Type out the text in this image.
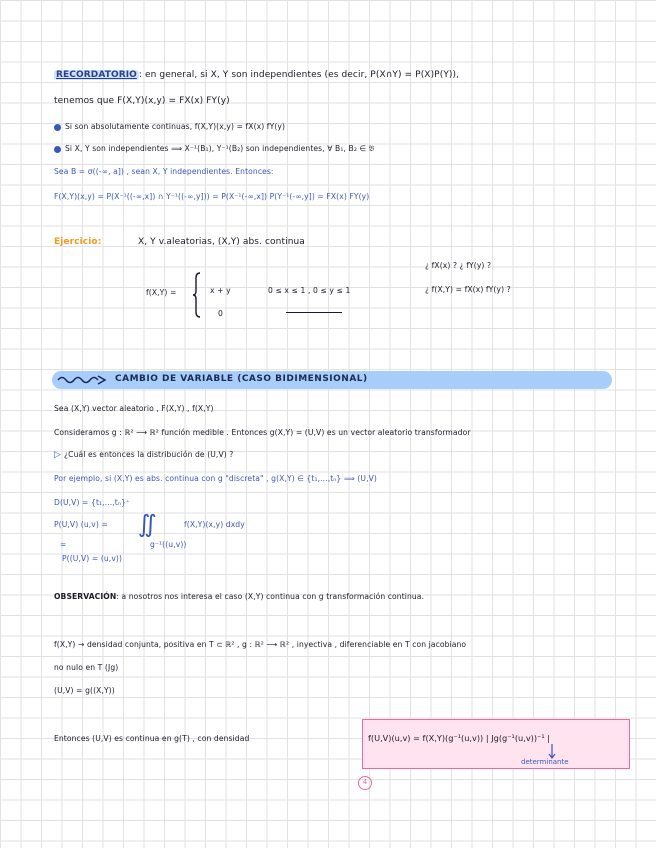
RECORDATORIO : en general, si X, Y son independientes (es decir, P(X∩Y) = P(X)P(Y)),
tenemos que F(X,Y)(x,y) = FX(x) FY(y)
Si son absolutamente continuas, f(X,Y)(x,y) = fX(x) fY(y)
Si X, Y son independientes ⟹ X⁻¹(B₁), Y⁻¹(B₂) son independientes, ∀ B₁, B₂ ∈ 𝔅
Sea B = σ((-∞, a]) , sean X, Y independientes. Entonces:
F(X,Y)(x,y) = P(X⁻¹((-∞,x]) ∩ Y⁻¹((-∞,y])) = P(X⁻¹(-∞,x]) P(Y⁻¹(-∞,y]) = FX(x) FY(y)
Ejercicio:	X, Y v.aleatorias, (X,Y) abs. continua
¿ fX(x) ? ¿ fY(y) ?
¿ f(X,Y) = fX(x) fY(y) ?
f(X,Y) =	x + y	0 ≤ x ≤ 1 , 0 ≤ y ≤ 1
0
CAMBIO DE VARIABLE (CASO BIDIMENSIONAL)
Sea (X,Y) vector aleatorio , F(X,Y) , f(X,Y)
Consideramos g : ℝ² ⟶ ℝ² función medible . Entonces g(X,Y) = (U,V) es un vector aleatorio transformador
▷ ¿Cuál es entonces la distribución de (U,V) ?
Por ejemplo, si (X,Y) es abs. continua con g "discreta" , g(X,Y) ∈ {t₁,...,tₙ} ⟹ (U,V)
D(U,V) = {t₁,...,tₙ}⁺
P(U,V) (u,v) = ∬	f(X,Y)(x,y) dxdy
g⁻¹((u,v))
=
P((U,V) = (u,v))
OBSERVACIÓN: a nosotros nos interesa el caso (X,Y) continua con g transformación continua.
f(X,Y) → densidad conjunta, positiva en T ⊂ ℝ² , g : ℝ² ⟶ ℝ² , inyectiva , diferenciable en T con jacobiano
no nulo en T (Jg)
(U,V) = g((X,Y))
Entonces (U,V) es continua en g(T) , con densidad	f(U,V)(u,v) = f(X,Y)(g⁻¹(u,v)) | Jg(g⁻¹(u,v))⁻¹ |
determinante
4
